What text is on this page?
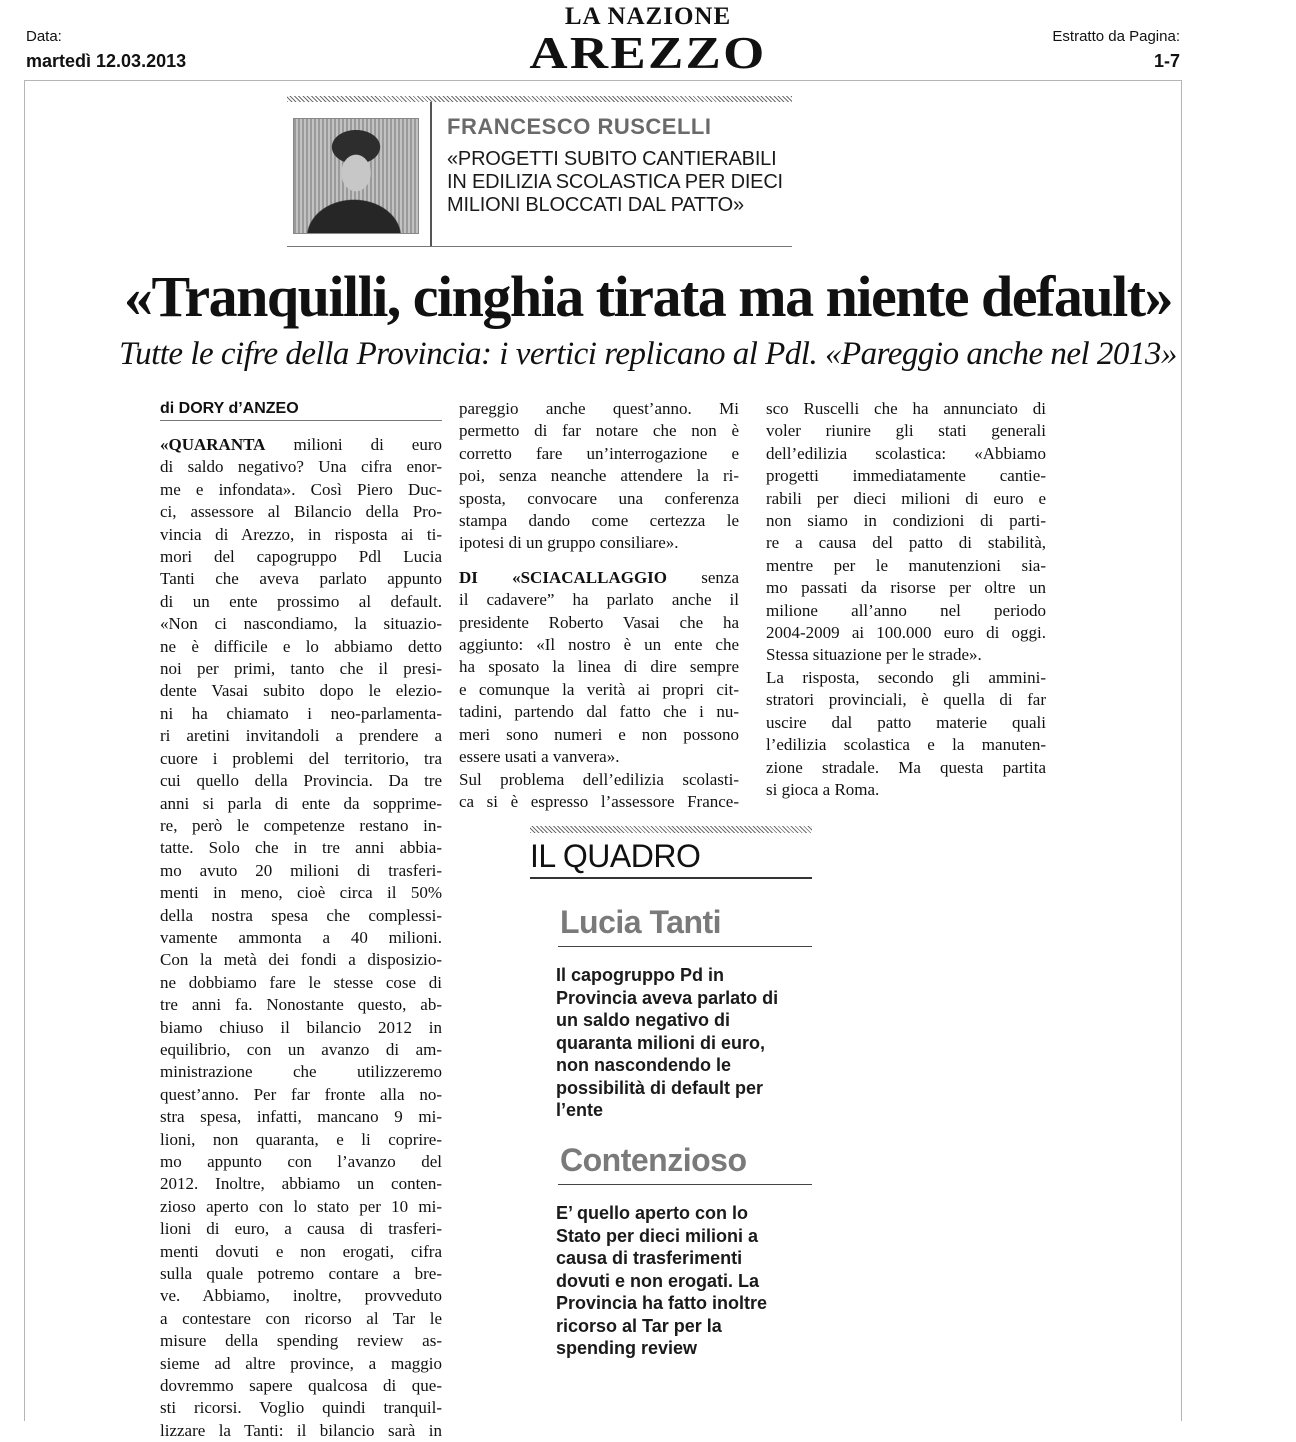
Data:
martedì 12.03.2013
LA NAZIONE
AREZZO	Estratto da Pagina:
1-7
FRANCESCO RUSCELLI
«PROGETTI SUBITO CANTIERABILI
IN EDILIZIA SCOLASTICA PER DIECI
MILIONI BLOCCATI DAL PATTO»
«Tranquilli, cinghia tirata ma niente default»
Tutte le cifre della Provincia: i vertici replicano al Pdl. «Pareggio anche nel 2013»
di DORY d’ANZEO
«QUARANTA milioni di euro
di saldo negativo? Una cifra enor-
me e infondata». Così Piero Duc-
ci, assessore al Bilancio della Pro-
vincia di Arezzo, in risposta ai ti-
mori del capogruppo Pdl Lucia
Tanti che aveva parlato appunto
di un ente prossimo al default.
«Non ci nascondiamo, la situazio-
ne è difficile e lo abbiamo detto
noi per primi, tanto che il presi-
dente Vasai subito dopo le elezio-
ni ha chiamato i neo-parlamenta-
ri aretini invitandoli a prendere a
cuore i problemi del territorio, tra
cui quello della Provincia. Da tre
anni si parla di ente da sopprime-
re, però le competenze restano in-
tatte. Solo che in tre anni abbia-
mo avuto 20 milioni di trasferi-
menti in meno, cioè circa il 50%
della nostra spesa che complessi-
vamente ammonta a 40 milioni.
Con la metà dei fondi a disposizio-
ne dobbiamo fare le stesse cose di
tre anni fa. Nonostante questo, ab-
biamo chiuso il bilancio 2012 in
equilibrio, con un avanzo di am-
ministrazione che utilizzeremo
quest’anno. Per far fronte alla no-
stra spesa, infatti, mancano 9 mi-
lioni, non quaranta, e li coprire-
mo appunto con l’avanzo del
2012. Inoltre, abbiamo un conten-
zioso aperto con lo stato per 10 mi-
lioni di euro, a causa di trasferi-
menti dovuti e non erogati, cifra
sulla quale potremo contare a bre-
ve. Abbiamo, inoltre, provveduto
a contestare con ricorso al Tar le
misure della spending review as-
sieme ad altre province, a maggio
dovremmo sapere qualcosa di que-
sti ricorsi. Voglio quindi tranquil-
lizzare la Tanti: il bilancio sarà in
pareggio anche quest’anno. Mi
permetto di far notare che non è
corretto fare un’interrogazione e
poi, senza neanche attendere la ri-
sposta, convocare una conferenza
stampa dando come certezza le
ipotesi di un gruppo consiliare».
DI «SCIACALLAGGIO senza
il cadavere” ha parlato anche il
presidente Roberto Vasai che ha
aggiunto: «Il nostro è un ente che
ha sposato la linea di dire sempre
e comunque la verità ai propri cit-
tadini, partendo dal fatto che i nu-
meri sono numeri e non possono
essere usati a vanvera».
Sul problema dell’edilizia scolasti-
ca si è espresso l’assessore France-
sco Ruscelli che ha annunciato di
voler riunire gli stati generali
dell’edilizia scolastica: «Abbiamo
progetti immediatamente cantie-
rabili per dieci milioni di euro e
non siamo in condizioni di parti-
re a causa del patto di stabilità,
mentre per le manutenzioni sia-
mo passati da risorse per oltre un
milione all’anno nel periodo
2004-2009 ai 100.000 euro di oggi.
Stessa situazione per le strade».
La risposta, secondo gli ammini-
stratori provinciali, è quella di far
uscire dal patto materie quali
l’edilizia scolastica e la manuten-
zione stradale. Ma questa partita
si gioca a Roma.
IL QUADRO
Lucia Tanti
Il capogruppo Pd in
Provincia aveva parlato di
un saldo negativo di
quaranta milioni di euro,
non nascondendo le
possibilità di default per
l’ente
Contenzioso
E’ quello aperto con lo
Stato per dieci milioni a
causa di trasferimenti
dovuti e non erogati. La
Provincia ha fatto inoltre
ricorso al Tar per la
spending review
